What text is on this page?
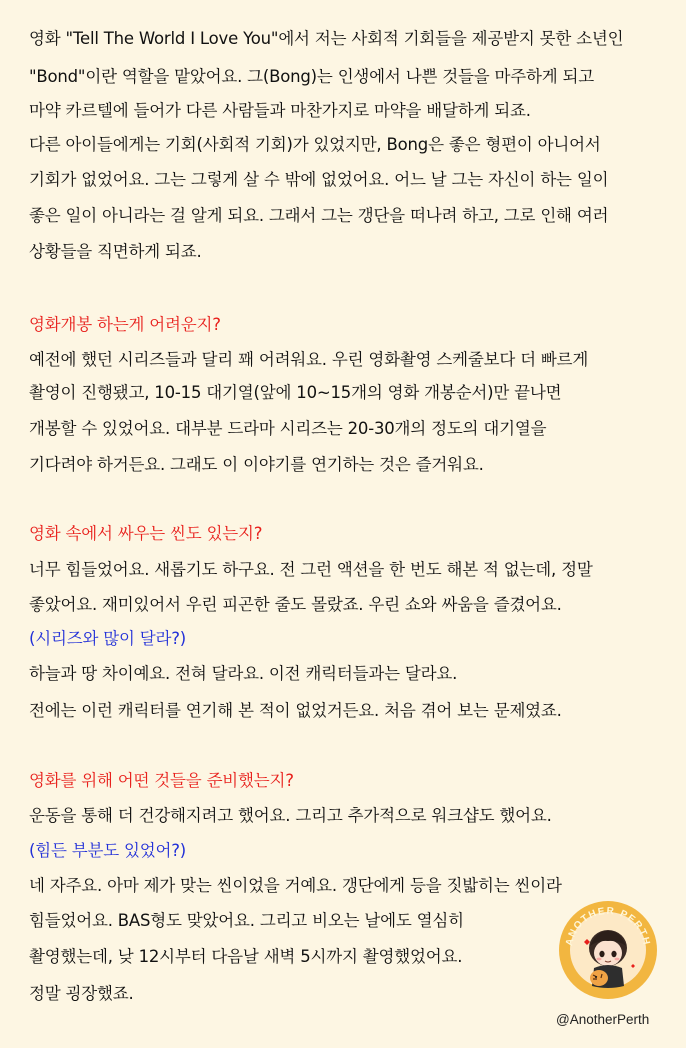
영화 "Tell The World I Love You"에서 저는 사회적 기회들을 제공받지 못한 소년인
"Bond"이란 역할을 맡았어요. 그(Bong)는 인생에서 나쁜 것들을 마주하게 되고
마약 카르텔에 들어가 다른 사람들과 마찬가지로 마약을 배달하게 되죠.
다른 아이들에게는 기회(사회적 기회)가 있었지만, Bong은 좋은 형편이 아니어서
기회가 없었어요. 그는 그렇게 살 수 밖에 없었어요. 어느 날 그는 자신이 하는 일이
좋은 일이 아니라는 걸 알게 되요. 그래서 그는 갱단을 떠나려 하고, 그로 인해 여러
상황들을 직면하게 되죠.
영화개봉 하는게 어려운지?
예전에 했던 시리즈들과 달리 꽤 어려워요. 우린 영화촬영 스케줄보다 더 빠르게
촬영이 진행됐고, 10-15 대기열(앞에 10~15개의 영화 개봉순서)만 끝나면
개봉할 수 있었어요. 대부분 드라마 시리즈는 20-30개의 정도의 대기열을
기다려야 하거든요. 그래도 이 이야기를 연기하는 것은 즐거워요.
영화 속에서 싸우는 씬도 있는지?
너무 힘들었어요. 새롭기도 하구요. 전 그런 액션을 한 번도 해본 적 없는데, 정말
좋았어요. 재미있어서 우린 피곤한 줄도 몰랐죠. 우린 쇼와 싸움을 즐겼어요.
(시리즈와 많이 달라?)
하늘과 땅 차이예요. 전혀 달라요. 이전 캐릭터들과는 달라요.
전에는 이런 캐릭터를 연기해 본 적이 없었거든요. 처음 겪어 보는 문제였죠.
영화를 위해 어떤 것들을 준비했는지?
운동을 통해 더 건강해지려고 했어요. 그리고 추가적으로 워크샵도 했어요.
(힘든 부분도 있었어?)
네 자주요. 아마 제가 맞는 씬이었을 거예요. 갱단에게 등을 짓밟히는 씬이라
힘들었어요. BAS형도 맞았어요. 그리고 비오는 날에도 열심히
촬영했는데, 낮 12시부터 다음날 새벽 5시까지 촬영했었어요.
정말 굉장했죠.
ANOTHER PERTH
@AnotherPerth
